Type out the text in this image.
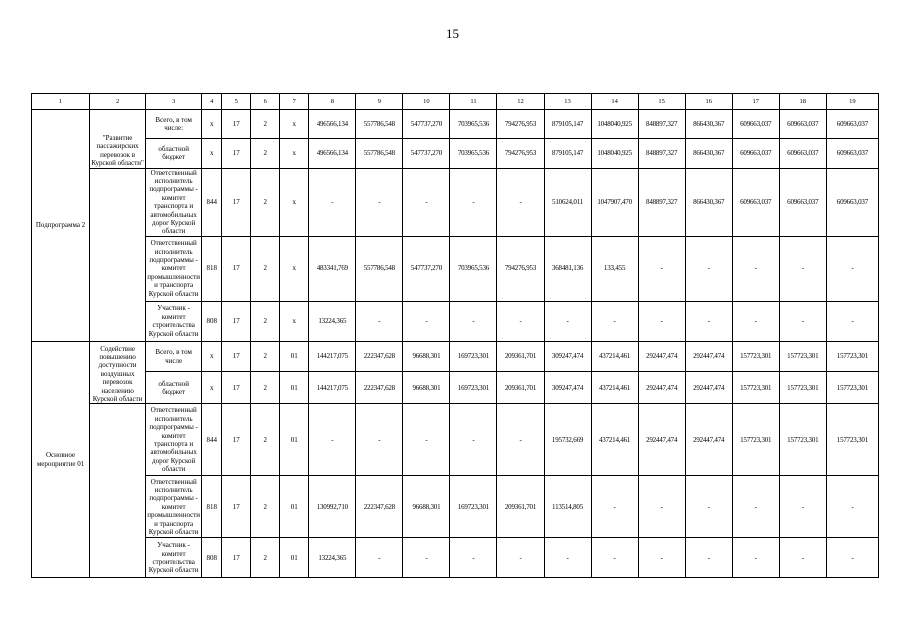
15
1	2	3	4	5	6	7	8	9	10	11	12	13	14	15	16	17	18	19
Подпрограмма 2	"Развитие пассажирских перевозок в Курской области"	Всего, в том числе:	x	17	2	x	496566,134	557786,548	547737,270	703965,536	794276,953	879105,147	1048040,925	848897,327	866430,367	609663,037	609663,037	609663,037
		областной бюджет	x	17	2	x	496566,134	557786,548	547737,270	703965,536	794276,953	879105,147	1048040,925	848897,327	866430,367	609663,037	609663,037	609663,037
		Ответственный исполнитель подпрограммы - комитет транспорта и автомобильных дорог Курской области	844	17	2	x	-	-	-	-	-	510624,011	1047907,470	848897,327	866430,367	609663,037	609663,037	609663,037
		Ответственный исполнитель подпрограммы - комитет промышленности и транспорта Курской области	818	17	2	x	483341,769	557786,548	547737,270	703965,536	794276,953	368481,136	133,455	-	-	-	-	-
		Участник - комитет строительства Курской области	808	17	2	x	13224,365	-	-	-	-	-	-	-	-	-	-	-
Основное мероприятие 01	Содействие повышению доступности воздушных перевозок населению Курской области	Всего, в том числе	x	17	2	01	144217,075	222347,628	96688,301	169723,301	209361,701	309247,474	437214,461	292447,474	292447,474	157723,301	157723,301	157723,301
		областной бюджет	x	17	2	01	144217,075	222347,628	96688,301	169723,301	209361,701	309247,474	437214,461	292447,474	292447,474	157723,301	157723,301	157723,301
		Ответственный исполнитель подпрограммы - комитет транспорта и автомобильных дорог Курской области	844	17	2	01	-	-	-	-	-	195732,669	437214,461	292447,474	292447,474	157723,301	157723,301	157723,301
		Ответственный исполнитель подпрограммы - комитет промышленности и транспорта Курской области	818	17	2	01	130992,710	222347,628	96688,301	169723,301	209361,701	113514,805	-	-	-	-	-	-
		Участник - комитет строительства Курской области	808	17	2	01	13224,365	-	-	-	-	-	-	-	-	-	-	-
